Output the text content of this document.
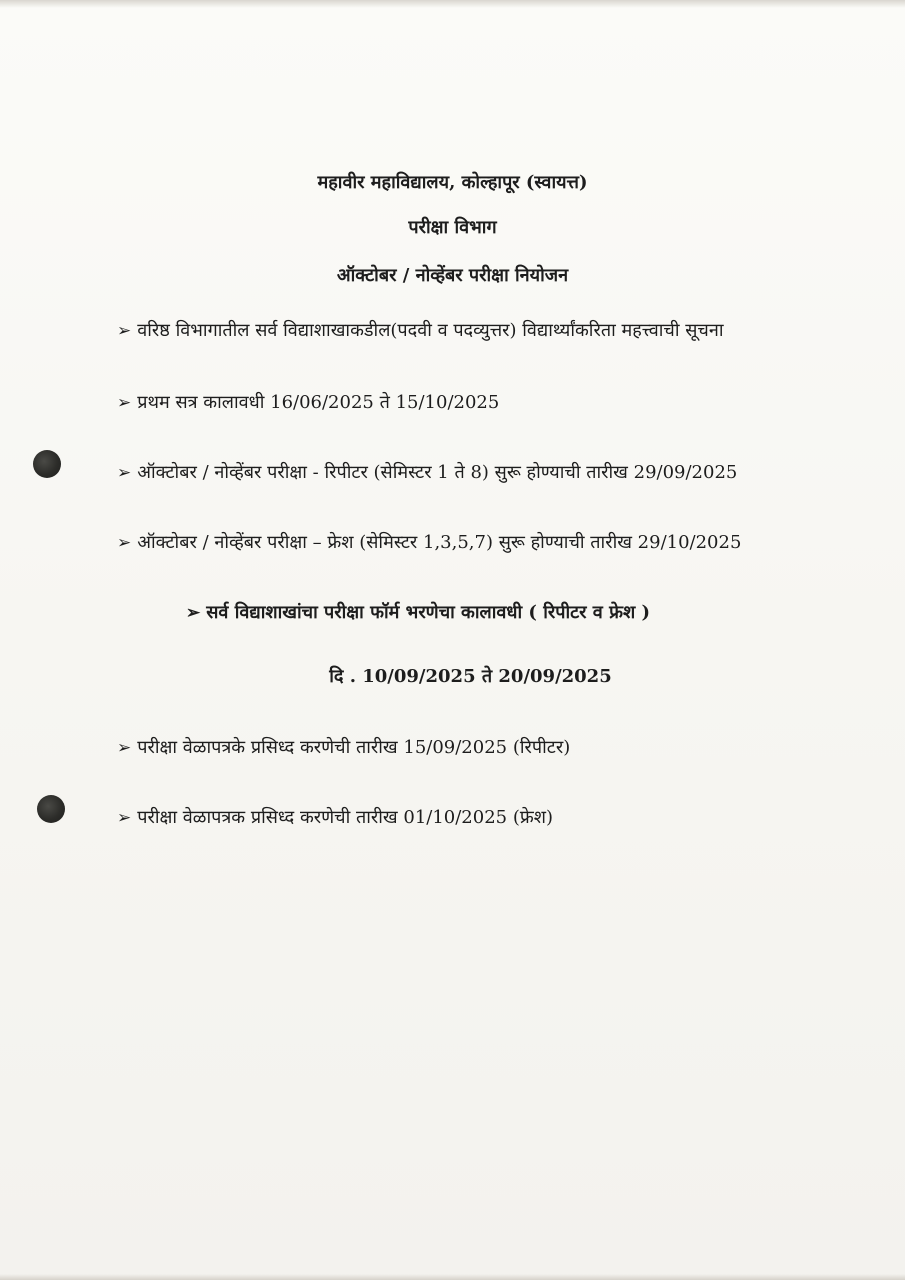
महावीर महाविद्यालय, कोल्हापूर (स्वायत्त)
परीक्षा विभाग
ऑक्टोबर / नोव्हेंबर परीक्षा नियोजन
➢ वरिष्ठ विभागातील सर्व विद्याशाखाकडील(पदवी व पदव्युत्तर) विद्यार्थ्यांकरिता महत्त्वाची सूचना
➢ प्रथम सत्र कालावधी 16/06/2025 ते 15/10/2025
➢ ऑक्टोबर / नोव्हेंबर परीक्षा - रिपीटर (सेमिस्टर 1 ते 8) सुरू होण्याची तारीख 29/09/2025
➢ ऑक्टोबर / नोव्हेंबर परीक्षा – फ्रेश (सेमिस्टर 1,3,5,7) सुरू होण्याची तारीख 29/10/2025
➢ सर्व विद्याशाखांचा परीक्षा फॉर्म भरणेचा कालावधी ( रिपीटर व फ्रेश )
दि . 10/09/2025 ते 20/09/2025
➢ परीक्षा वेळापत्रके प्रसिध्द करणेची तारीख 15/09/2025 (रिपीटर)
➢ परीक्षा वेळापत्रक प्रसिध्द करणेची तारीख 01/10/2025 (फ्रेश)
